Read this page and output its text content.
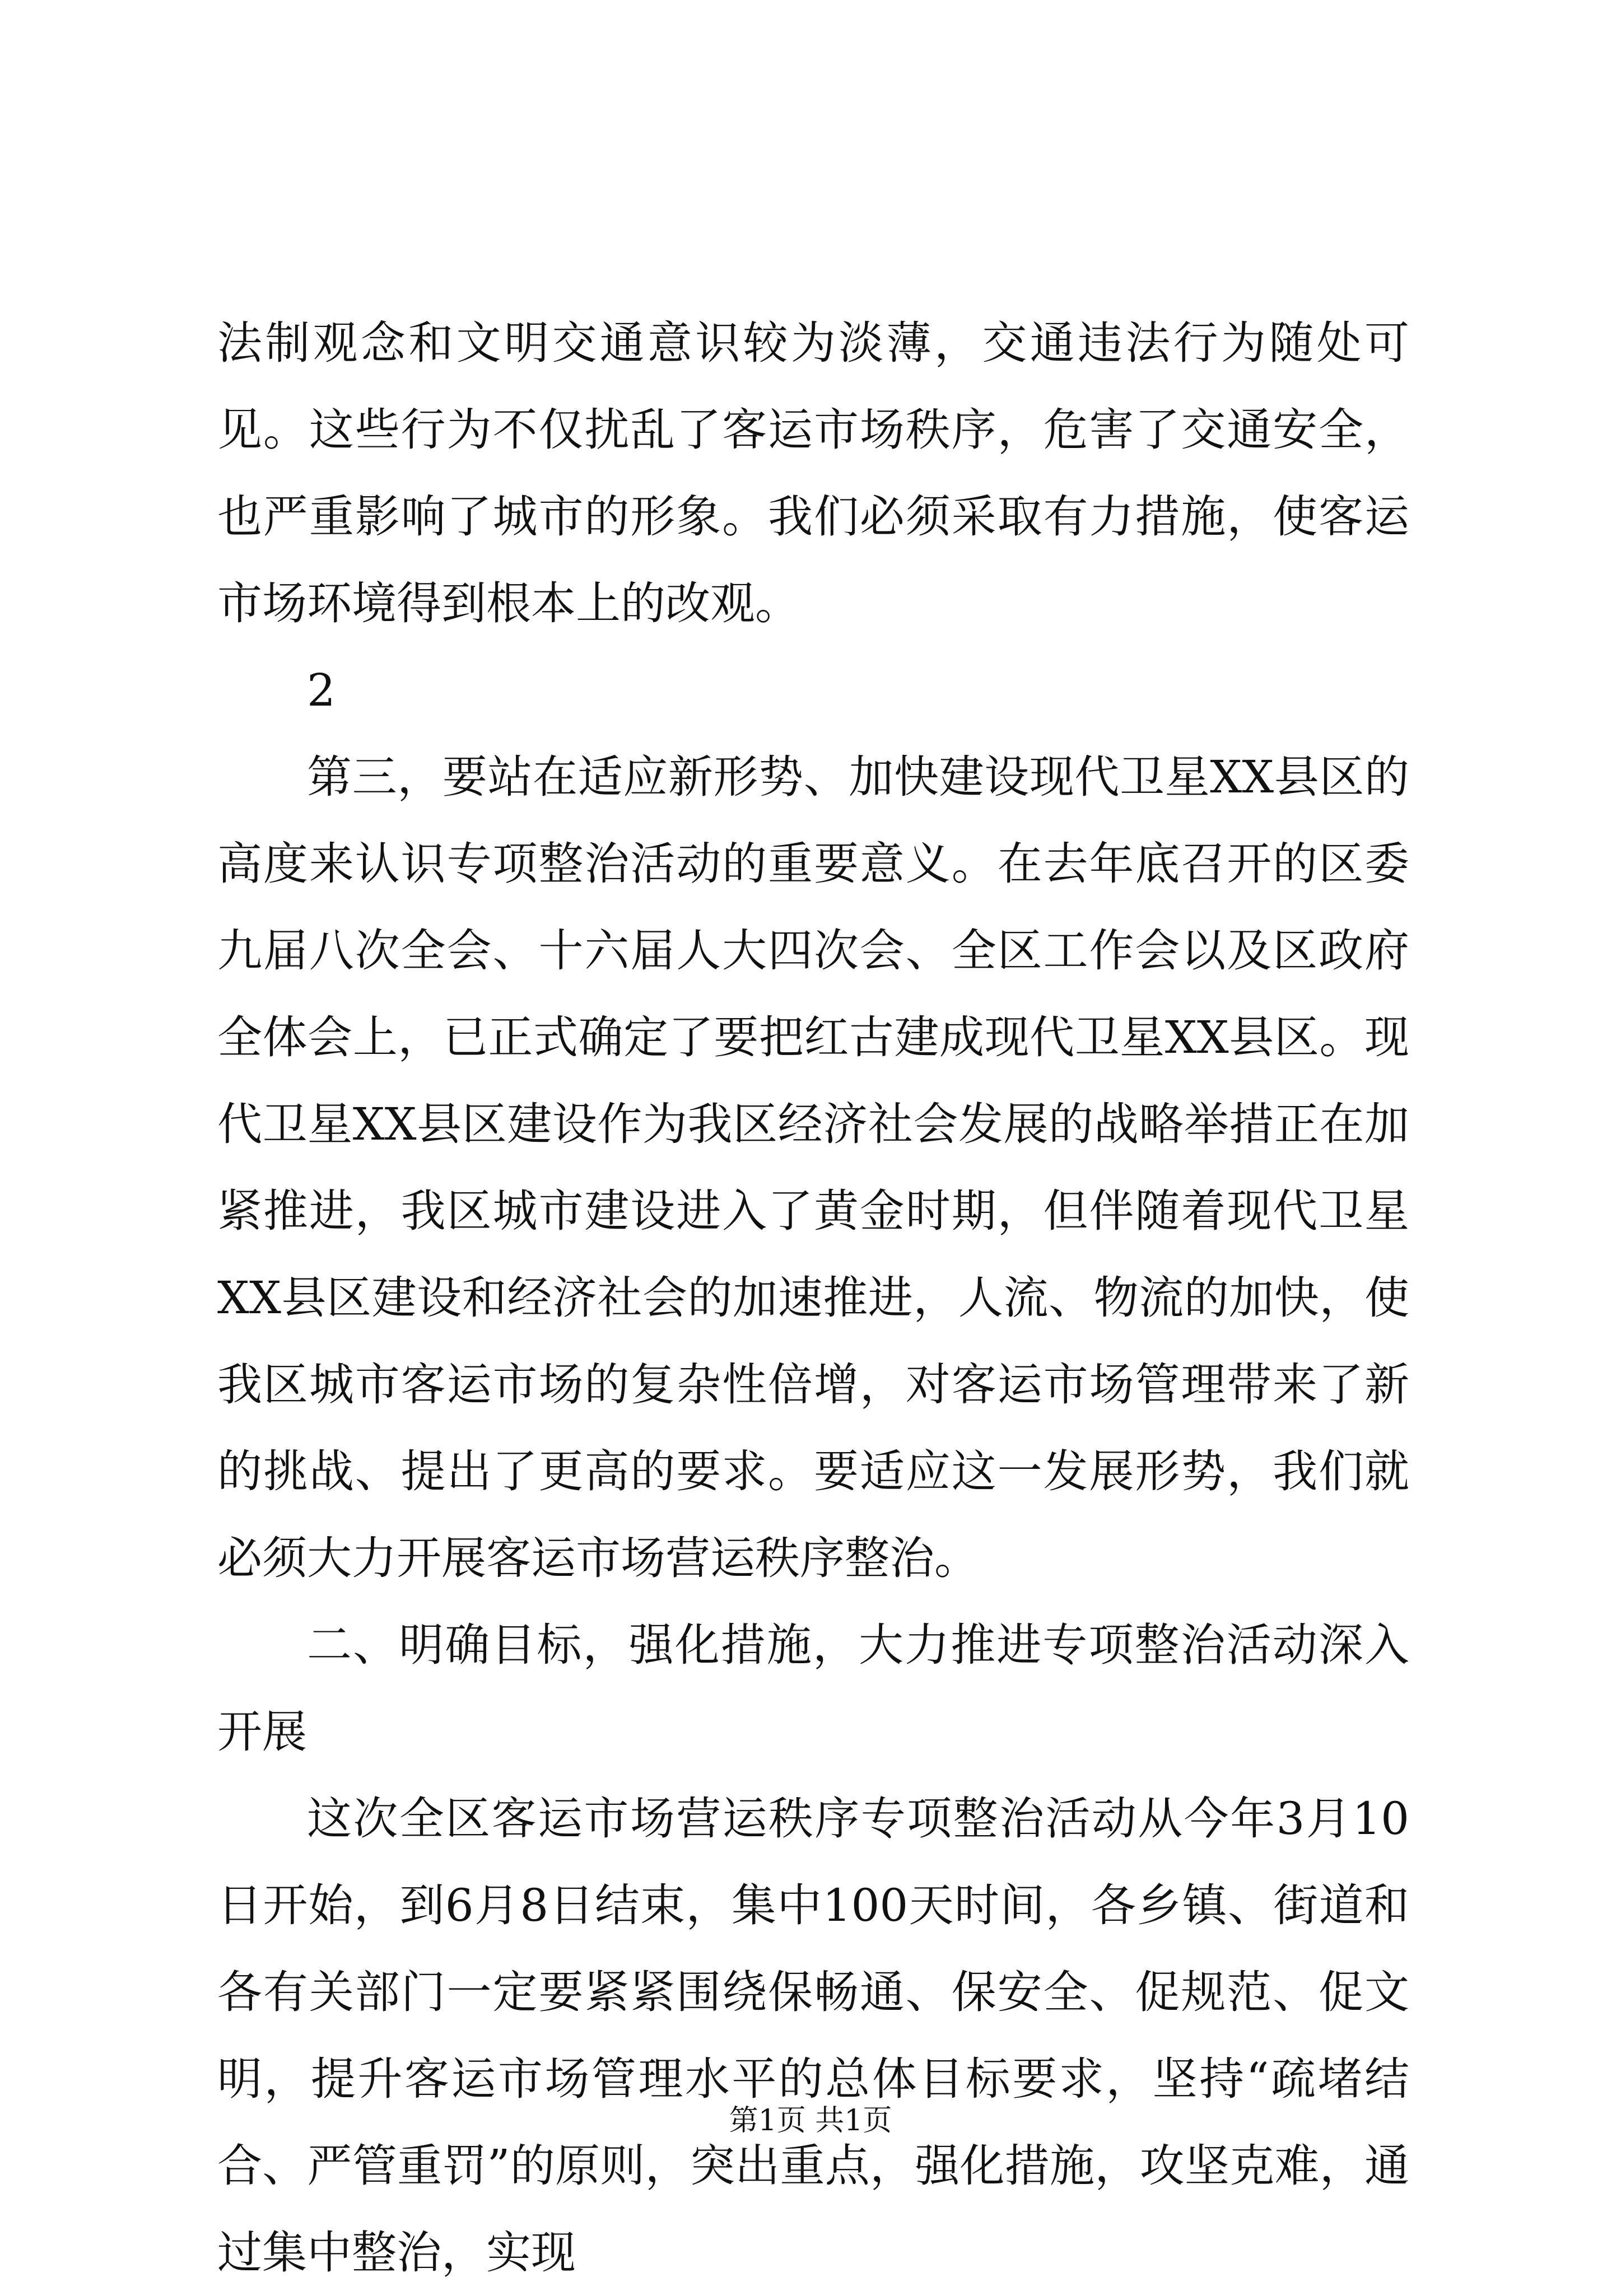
法制观念和文明交通意识较为淡薄，交通违法行为随处可见。这些行为不仅扰乱了客运市场秩序，危害了交通安全，也严重影响了城市的形象。我们必须采取有力措施，使客运市场环境得到根本上的改观。

2

第三，要站在适应新形势、加快建设现代卫星XX县区的高度来认识专项整治活动的重要意义。在去年底召开的区委九届八次全会、十六届人大四次会、全区工作会以及区政府全体会上，已正式确定了要把红古建成现代卫星XX县区。现代卫星XX县区建设作为我区经济社会发展的战略举措正在加紧推进，我区城市建设进入了黄金时期，但伴随着现代卫星XX县区建设和经济社会的加速推进，人流、物流的加快，使我区城市客运市场的复杂性倍增，对客运市场管理带来了新的挑战、提出了更高的要求。要适应这一发展形势，我们就必须大力开展客运市场营运秩序整治。

二、明确目标，强化措施，大力推进专项整治活动深入开展

这次全区客运市场营运秩序专项整治活动从今年3月10日开始，到6月8日结束，集中100天时间，各乡镇、街道和各有关部门一定要紧紧围绕保畅通、保安全、促规范、促文明，提升客运市场管理水平的总体目标要求，坚持“疏堵结合、严管重罚”的原则，突出重点，强化措施，攻坚克难，通过集中整治，实现

第1页 共1页
